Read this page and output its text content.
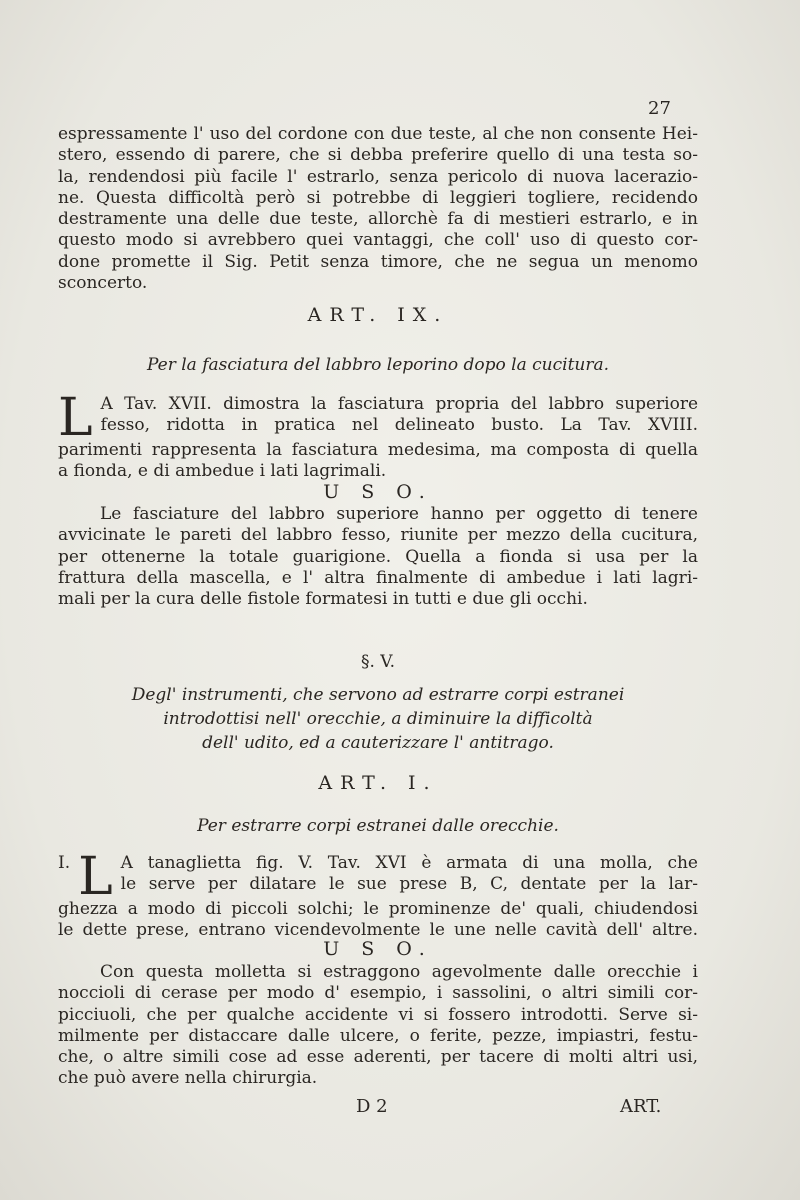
27
espressamente l' uso del cordone con due teste, al che non consente Hei-
stero, essendo di parere, che si debba preferire quello di una testa so-
la, rendendosi più facile l' estrarlo, senza pericolo di nuova lacerazio-
ne. Questa difficoltà però si potrebbe di leggieri togliere, recidendo
destramente una delle due teste, allorchè fa di mestieri estrarlo, e in
questo modo si avrebbero quei vantaggi, che coll' uso di questo cor-
done promette il Sig. Petit senza timore, che ne segua un menomo
sconcerto.
ART. IX.
Per la fasciatura del labbro leporino dopo la cucitura.
L A Tav. XVII. dimostra la fasciatura propria del labbro superiore
fesso, ridotta in pratica nel delineato busto. La Tav. XVIII.
parimenti rappresenta la fasciatura medesima, ma composta di quella
a fionda, e di ambedue i lati lagrimali.
U S O.
Le fasciature del labbro superiore hanno per oggetto di tenere
avvicinate le pareti del labbro fesso, riunite per mezzo della cucitura,
per ottenerne la totale guarigione. Quella a fionda si usa per la
frattura della mascella, e l' altra finalmente di ambedue i lati lagri-
mali per la cura delle fistole formatesi in tutti e due gli occhi.
§. V.
Degl' instrumenti, che servono ad estrarre corpi estranei
introdottisi nell' orecchie, a diminuire la difficoltà
dell' udito, ed a cauterizzare l' antitrago.
ART. I.
Per estrarre corpi estranei dalle orecchie.
I. L A tanaglietta fig. V. Tav. XVI è armata di una molla, che
le serve per dilatare le sue prese B, C, dentate per la lar-
ghezza a modo di piccoli solchi; le prominenze de' quali, chiudendosi
le dette prese, entrano vicendevolmente le une nelle cavità dell' altre.
U S O.
Con questa molletta si estraggono agevolmente dalle orecchie i
noccioli di cerase per modo d' esempio, i sassolini, o altri simili cor-
picciuoli, che per qualche accidente vi si fossero introdotti. Serve si-
milmente per distaccare dalle ulcere, o ferite, pezze, impiastri, festu-
che, o altre simili cose ad esse aderenti, per tacere di molti altri usi,
che può avere nella chirurgia.
D 2	ART.
